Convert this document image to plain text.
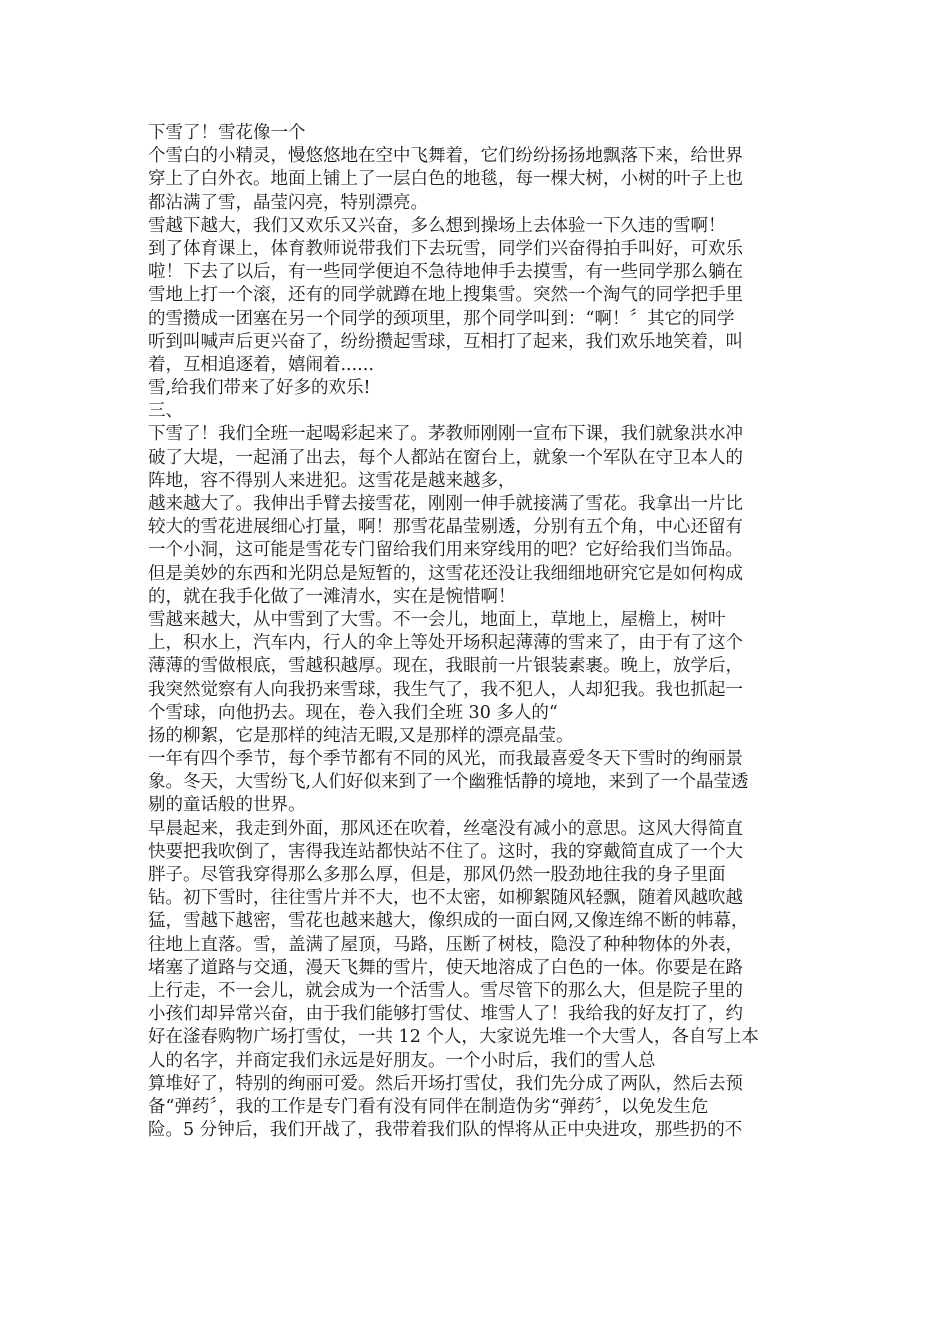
下雪了！雪花像一个
个雪白的小精灵，慢悠悠地在空中飞舞着，它们纷纷扬扬地飘落下来，给世界
穿上了白外衣。地面上铺上了一层白色的地毯，每一棵大树，小树的叶子上也
都沾满了雪，晶莹闪亮，特别漂亮。
雪越下越大，我们又欢乐又兴奋，多么想到操场上去体验一下久违的雪啊！
到了体育课上，体育教师说带我们下去玩雪，同学们兴奋得拍手叫好，可欢乐
啦！下去了以后，有一些同学便迫不急待地伸手去摸雪，有一些同学那么躺在
雪地上打一个滚，还有的同学就蹲在地上搜集雪。突然一个淘气的同学把手里
的雪攒成一团塞在另一个同学的颈项里，那个同学叫到：“啊！〞其它的同学
听到叫喊声后更兴奋了，纷纷攒起雪球，互相打了起来，我们欢乐地笑着，叫
着，互相追逐着，嬉闹着......
雪,给我们带来了好多的欢乐!
三、
下雪了！我们全班一起喝彩起来了。茅教师刚刚一宣布下课，我们就象洪水冲
破了大堤，一起涌了出去，每个人都站在窗台上，就象一个军队在守卫本人的
阵地，容不得别人来进犯。这雪花是越来越多，
越来越大了。我伸出手臂去接雪花，刚刚一伸手就接满了雪花。我拿出一片比
较大的雪花进展细心打量，啊！那雪花晶莹剔透，分别有五个角，中心还留有
一个小洞，这可能是雪花专门留给我们用来穿线用的吧？它好给我们当饰品。
但是美妙的东西和光阴总是短暂的，这雪花还没让我细细地研究它是如何构成
的，就在我手化做了一滩清水，实在是惋惜啊！
雪越来越大，从中雪到了大雪。不一会儿，地面上，草地上，屋檐上，树叶
上，积水上，汽车内，行人的伞上等处开场积起薄薄的雪来了，由于有了这个
薄薄的雪做根底，雪越积越厚。现在，我眼前一片银装素裹。晚上，放学后，
我突然觉察有人向我扔来雪球，我生气了，我不犯人，人却犯我。我也抓起一
个雪球，向他扔去。现在，卷入我们全班 30 多人的“
扬的柳絮，它是那样的纯洁无暇,又是那样的漂亮晶莹。
一年有四个季节，每个季节都有不同的风光，而我最喜爱冬天下雪时的绚丽景
象。冬天，大雪纷飞,人们好似来到了一个幽雅恬静的境地，来到了一个晶莹透
剔的童话般的世界。
早晨起来，我走到外面，那风还在吹着，丝毫没有减小的意思。这风大得简直
快要把我吹倒了，害得我连站都快站不住了。这时，我的穿戴简直成了一个大
胖子。尽管我穿得那么多那么厚，但是，那风仍然一股劲地往我的身子里面
钻。初下雪时，往往雪片并不大，也不太密，如柳絮随风轻飘，随着风越吹越
猛，雪越下越密，雪花也越来越大，像织成的一面白网,又像连绵不断的帏幕，
往地上直落。雪，盖满了屋顶，马路，压断了树枝，隐没了种种物体的外表，
堵塞了道路与交通，漫天飞舞的雪片，使天地溶成了白色的一体。你要是在路
上行走，不一会儿，就会成为一个活雪人。雪尽管下的那么大，但是院子里的
小孩们却异常兴奋，由于我们能够打雪仗、堆雪人了！我给我的好友打了，约
好在滏春购物广场打雪仗，一共 12 个人，大家说先堆一个大雪人，各自写上本
人的名字，并商定我们永远是好朋友。一个小时后，我们的雪人总
算堆好了，特别的绚丽可爱。然后开场打雪仗，我们先分成了两队，然后去预
备“弹药〞，我的工作是专门看有没有同伴在制造伪劣“弹药〞，以免发生危
险。5 分钟后，我们开战了，我带着我们队的悍将从正中央进攻，那些扔的不
